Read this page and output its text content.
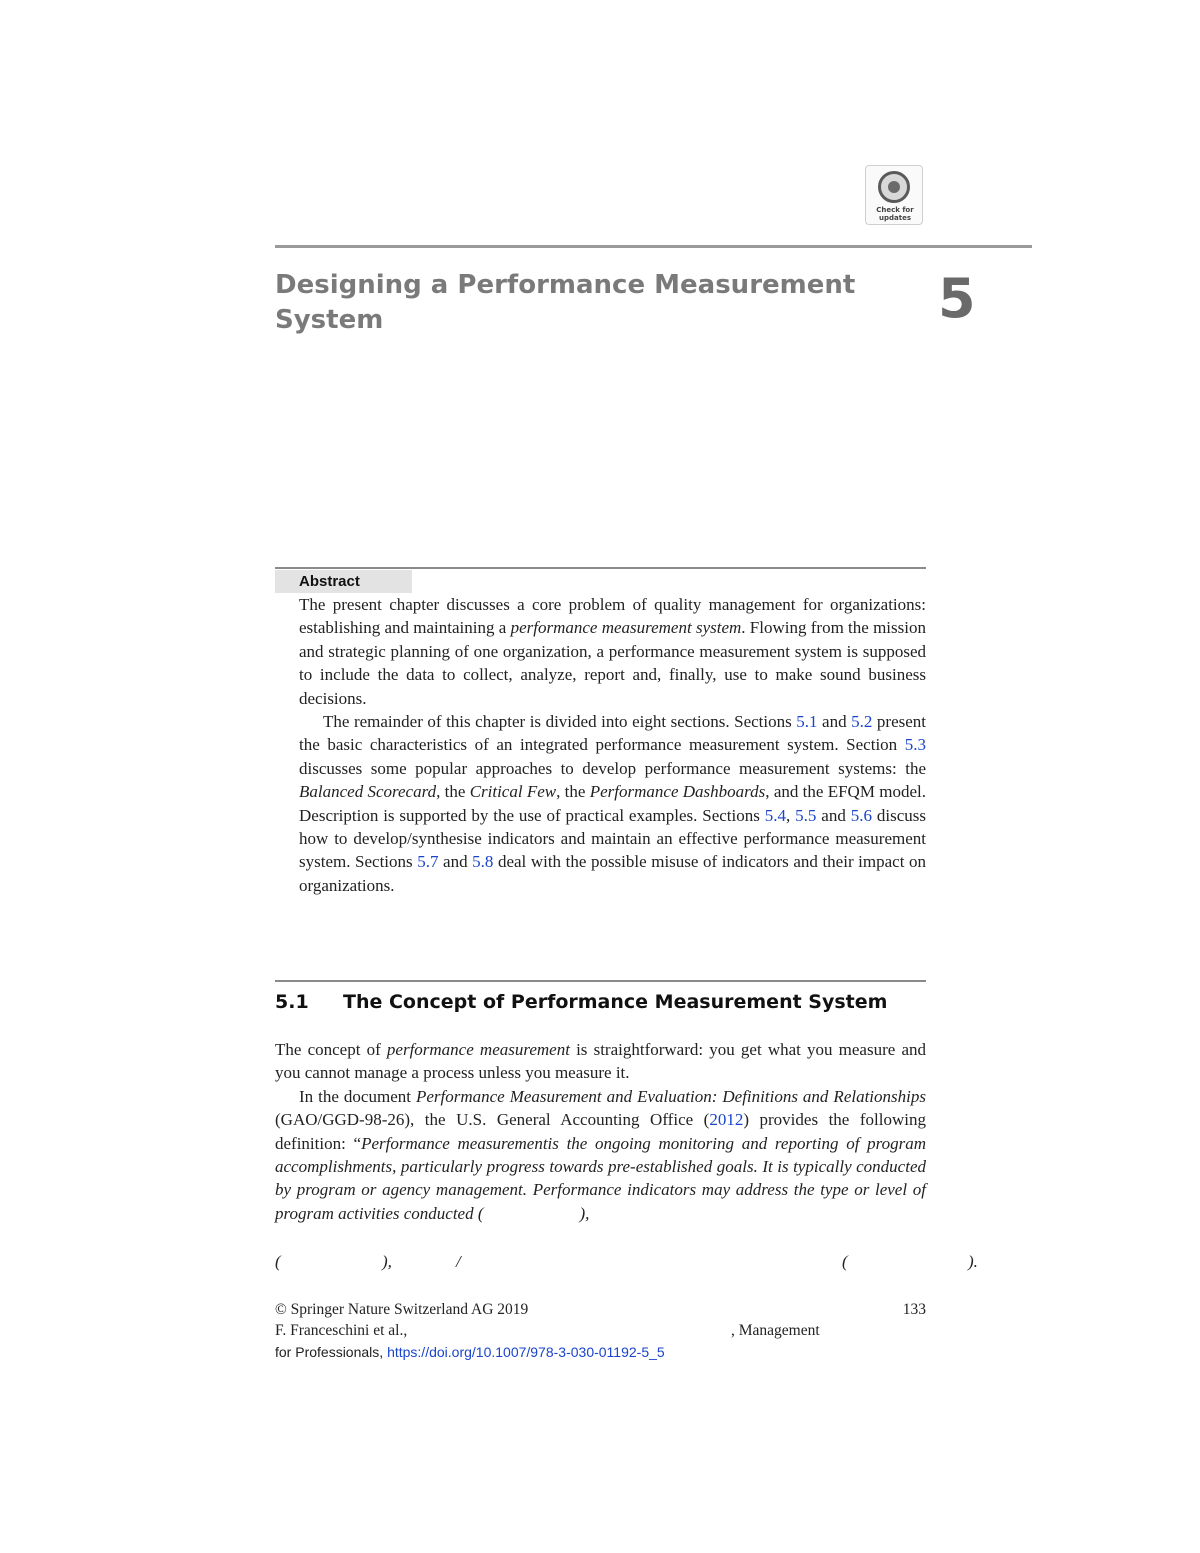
Check for
updates
Designing a Performance Measurement
System	5
Abstract

The present chapter discusses a core problem of quality management for organizations: establishing and maintaining a performance measurement system. Flowing from the mission and strategic planning of one organization, a performance measurement system is supposed to include the data to collect, analyze, report and, finally, use to make sound business decisions.

The remainder of this chapter is divided into eight sections. Sections 5.1 and 5.2 present the basic characteristics of an integrated performance measurement system. Section 5.3 discusses some popular approaches to develop performance measurement systems: the Balanced Scorecard, the Critical Few, the Performance Dashboards, and the EFQM model. Description is supported by the use of practical examples. Sections 5.4, 5.5 and 5.6 discuss how to develop/synthesise indicators and maintain an effective performance measurement system. Sections 5.7 and 5.8 deal with the possible misuse of indicators and their impact on organizations.

5.1 The Concept of Performance Measurement System

The concept of performance measurement is straightforward: you get what you measure and you cannot manage a process unless you measure it.

In the document Performance Measurement and Evaluation: Definitions and Relationships (GAO/GGD-98-26), the U.S. General Accounting Office (2012) provides the following definition: “Performance measurementis the ongoing monitoring and reporting of program accomplishments, particularly progress towards pre-established goals. It is typically conducted by program or agency management. Performance indicators may address the type or level of program activities conducted (	),

(	),	/	(	).
© Springer Nature Switzerland AG 2019	133
F. Franceschini et al.,	, Management
for Professionals, https://doi.org/10.1007/978-3-030-01192-5_5
